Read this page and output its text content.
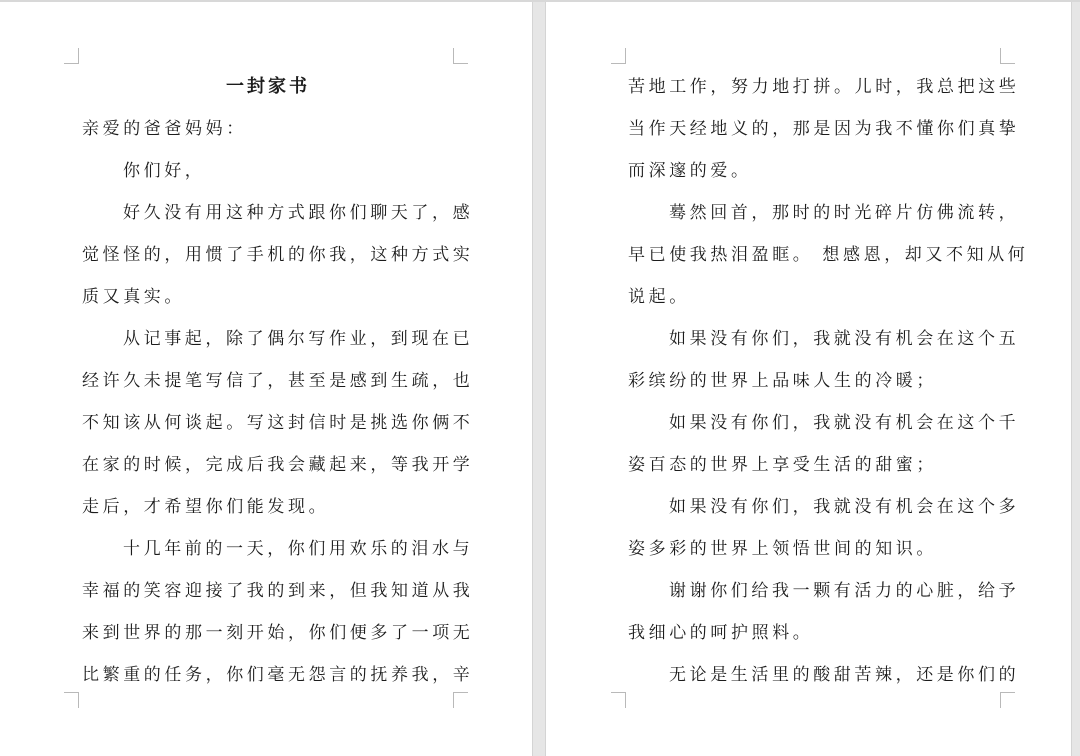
一封家书
亲爱的爸爸妈妈：
你们好，
好久没有用这种方式跟你们聊天了，感
觉怪怪的，用惯了手机的你我，这种方式实
质又真实。
从记事起，除了偶尔写作业，到现在已
经许久未提笔写信了，甚至是感到生疏，也
不知该从何谈起。写这封信时是挑选你俩不
在家的时候，完成后我会藏起来，等我开学
走后，才希望你们能发现。
十几年前的一天，你们用欢乐的泪水与
幸福的笑容迎接了我的到来，但我知道从我
来到世界的那一刻开始，你们便多了一项无
比繁重的任务，你们毫无怨言的抚养我，辛
苦地工作，努力地打拼。儿时，我总把这些
当作天经地义的，那是因为我不懂你们真挚
而深邃的爱。
蓦然回首，那时的时光碎片仿佛流转，
早已使我热泪盈眶。 想感恩，却又不知从何
说起。
如果没有你们，我就没有机会在这个五
彩缤纷的世界上品味人生的冷暖；
如果没有你们，我就没有机会在这个千
姿百态的世界上享受生活的甜蜜；
如果没有你们，我就没有机会在这个多
姿多彩的世界上领悟世间的知识。
谢谢你们给我一颗有活力的心脏，给予
我细心的呵护照料。
无论是生活里的酸甜苦辣，还是你们的
